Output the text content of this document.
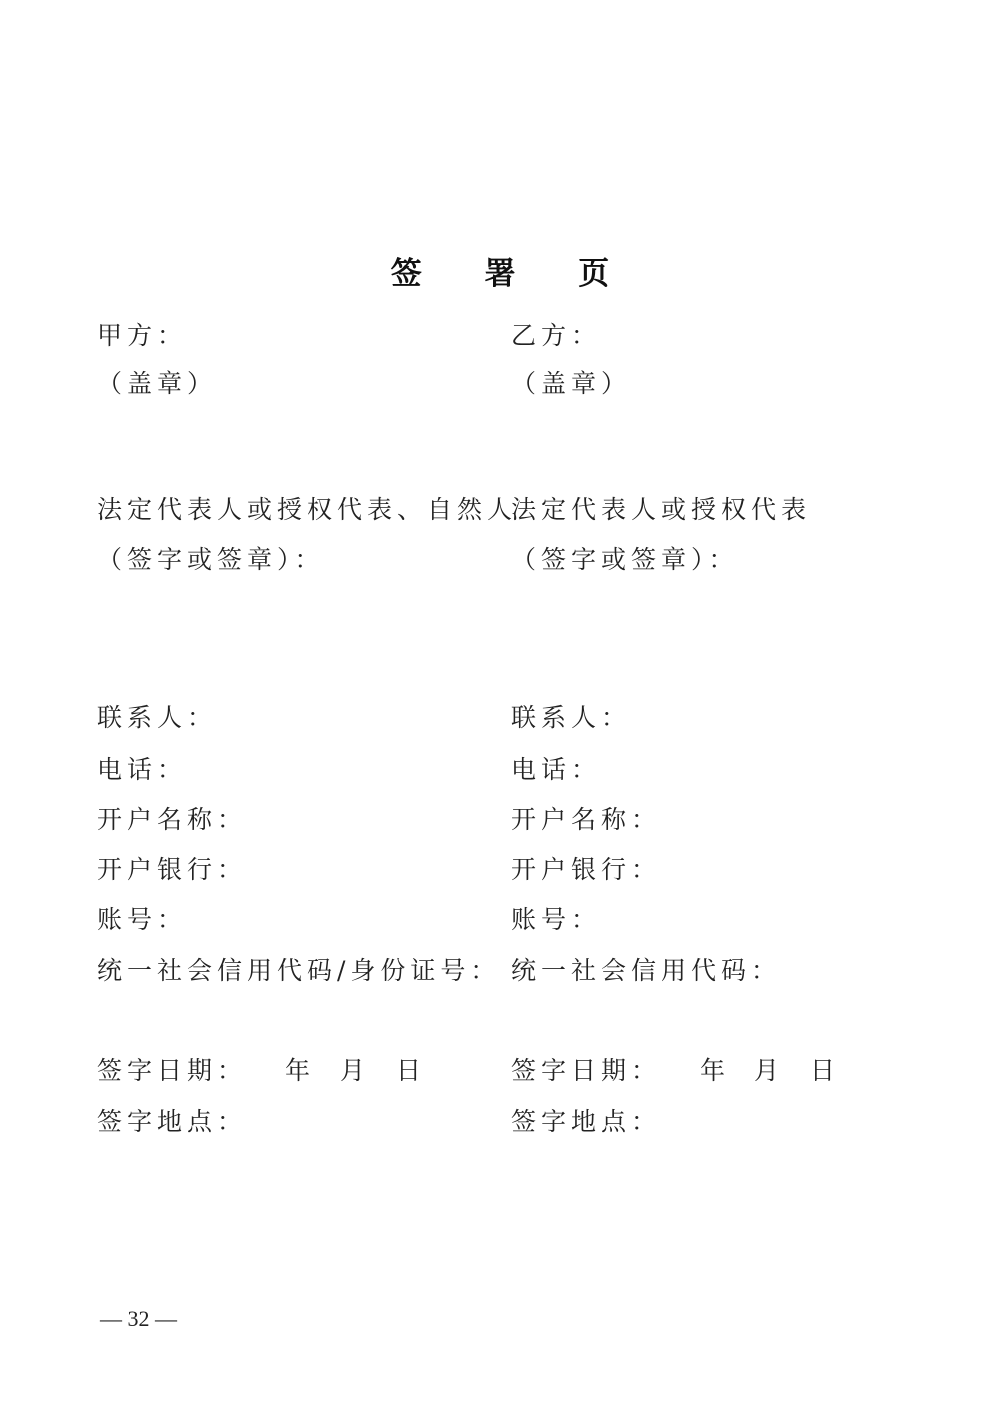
签 署 页
甲方：
（盖章）
法定代表人或授权代表、自然人
（签字或签章）：
联系人：
电话：
开户名称：
开户银行：
账号：
统一社会信用代码/身份证号：
签字日期： 年 月 日
签字地点：
乙方：
（盖章）
法定代表人或授权代表
（签字或签章）：
联系人：
电话：
开户名称：
开户银行：
账号：
统一社会信用代码：
签字日期： 年 月 日
签字地点：
— 32 —
